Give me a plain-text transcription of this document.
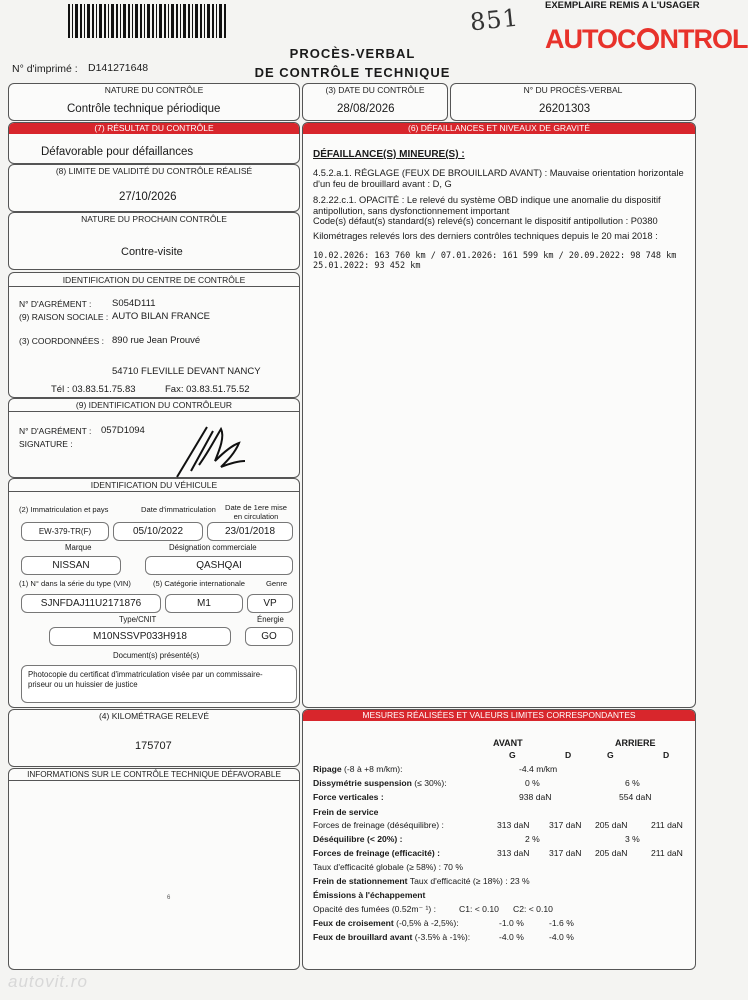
851	EXEMPLAIRE REMIS A L'USAGER
AUTOC NTROL
PROCÈS-VERBAL
DE CONTRÔLE TECHNIQUE
N° d'imprimé : D141271648
NATURE DU CONTRÔLE
Contrôle technique périodique
(3) DATE DU CONTRÔLE
28/08/2026
N° DU PROCÈS-VERBAL
26201303
(7) RÉSULTAT DU CONTRÔLE
Défavorable pour défaillances
(8) LIMITE DE VALIDITÉ DU CONTRÔLE RÉALISÉ
27/10/2026
NATURE DU PROCHAIN CONTRÔLE
Contre-visite
(6) DÉFAILLANCES ET NIVEAUX DE GRAVITÉ
DÉFAILLANCE(S) MINEURE(S) :
4.5.2.a.1. RÉGLAGE (FEUX DE BROUILLARD AVANT) : Mauvaise orientation horizontale
d'un feu de brouillard avant : D, G
8.2.22.c.1. OPACITÉ : Le relevé du système OBD indique une anomalie du dispositif
antipollution, sans dysfonctionnement important
Code(s) défaut(s) standard(s) relevé(s) concernant le dispositif antipollution : P0380
Kilométrages relevés lors des derniers contrôles techniques depuis le 20 mai 2018 :
10.02.2026: 163 760 km / 07.01.2026: 161 599 km / 20.09.2022: 98 748 km
25.01.2022: 93 452 km
IDENTIFICATION DU CENTRE DE CONTRÔLE
N° D'AGRÉMENT : S054D111
(9) RAISON SOCIALE : AUTO BILAN FRANCE
(3) COORDONNÉES : 890 rue Jean Prouvé
54710 FLEVILLE DEVANT NANCY
Tél : 03.83.51.75.83	Fax: 03.83.51.75.52
(9) IDENTIFICATION DU CONTRÔLEUR
N° D'AGRÉMENT : 057D1094
SIGNATURE :
IDENTIFICATION DU VÉHICULE
(2) Immatriculation et pays	Date d'immatriculation	Date de 1ere mise
en circulation
EW-379-TR(F)	05/10/2022	23/01/2018
Marque	Désignation commerciale
NISSAN	QASHQAI
(1) N° dans la série du type (VIN)	(5) Catégorie internationale	Genre
SJNFDAJ11U2171876	M1	VP
Type/CNIT	Énergie
M10NSSVP033H918	GO
Document(s) présenté(s)
Photocopie du certificat d'immatriculation visée par un commissaire-
priseur ou un huissier de justice
(4) KILOMÉTRAGE RELEVÉ
175707
INFORMATIONS SUR LE CONTRÔLE TECHNIQUE DÉFAVORABLE
6
MESURES RÉALISÉES ET VALEURS LIMITES CORRESPONDANTES
AVANT	ARRIERE
G	D	G	D
Ripage (-8 à +8 m/km):	-4.4 m/km
Dissymétrie suspension (≤ 30%):	0 %	6 %
Force verticales :	938 daN	554 daN
Frein de service
Forces de freinage (déséquilibre) :	313 daN 317 daN 205 daN	211 daN
Déséquilibre (< 20%) :	2 %	3 %
Forces de freinage (efficacité) :	313 daN 317 daN 205 daN	211 daN
Taux d'efficacité globale (≥ 58%) : 70 %
Frein de stationnement Taux d'efficacité (≥ 18%) : 23 %
Émissions à l'échappement
Opacité des fumées (0.52m⁻ ¹) :	C1: < 0.10 C2: < 0.10
Feux de croisement (-0,5% à -2,5%):	-1.0 %	-1.6 %
Feux de brouillard avant (-3.5% à -1%):	-4.0 %	-4.0 %
autovit.ro
